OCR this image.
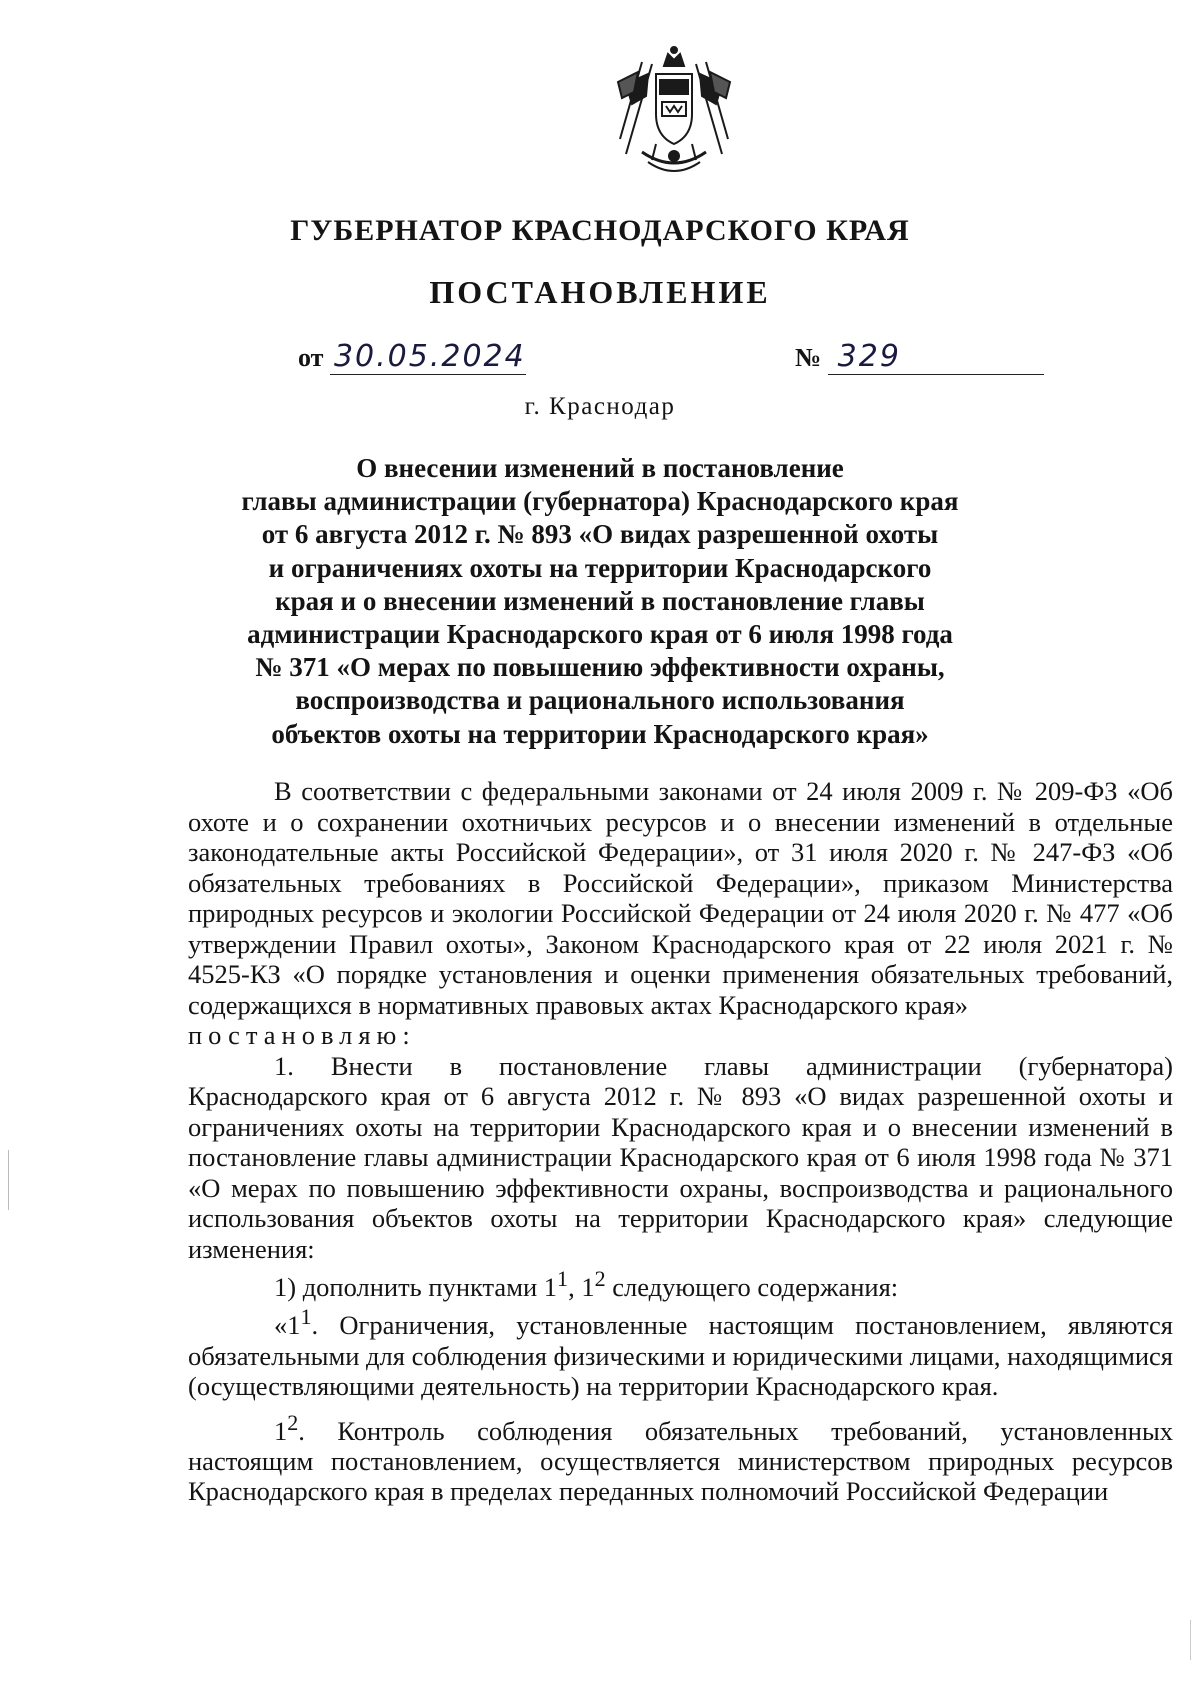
ГУБЕРНАТОР КРАСНОДАРСКОГО КРАЯ
ПОСТАНОВЛЕНИЕ
от 30.05.2024	№ 329
г. Краснодар
О внесении изменений в постановление
главы администрации (губернатора) Краснодарского края
от 6 августа 2012 г. № 893 «О видах разрешенной охоты
и ограничениях охоты на территории Краснодарского
края и о внесении изменений в постановление главы
администрации Краснодарского края от 6 июля 1998 года
№ 371 «О мерах по повышению эффективности охраны,
воспроизводства и рационального использования
объектов охоты на территории Краснодарского края»

В соответствии с федеральными законами от 24 июля 2009 г. № 209-ФЗ «Об охоте и о сохранении охотничьих ресурсов и о внесении изменений в отдельные законодательные акты Российской Федерации», от 31 июля 2020 г. № 247-ФЗ «Об обязательных требованиях в Российской Федерации», приказом Министерства природных ресурсов и экологии Российской Федерации от 24 июля 2020 г. № 477 «Об утверждении Правил охоты», Законом Краснодарского края от 22 июля 2021 г. № 4525-КЗ «О порядке установления и оценки применения обязательных требований, содержащихся в нормативных правовых актах Краснодарского края»

постановляю:

1. Внести в постановление главы администрации (губернатора) Краснодарского края от 6 августа 2012 г. № 893 «О видах разрешенной охоты и ограничениях охоты на территории Краснодарского края и о внесении изменений в постановление главы администрации Краснодарского края от 6 июля 1998 года № 371 «О мерах по повышению эффективности охраны, воспроизводства и рационального использования объектов охоты на территории Краснодарского края» следующие изменения:

1) дополнить пунктами $1^1$, $1^2$ следующего содержания:

«$1^1$. Ограничения, установленные настоящим постановлением, являются обязательными для соблюдения физическими и юридическими лицами, находящимися (осуществляющими деятельность) на территории Краснодарского края.

$1^2$. Контроль соблюдения обязательных требований, установленных настоящим постановлением, осуществляется министерством природных ресурсов Краснодарского края в пределах переданных полномочий Российской Федерации
